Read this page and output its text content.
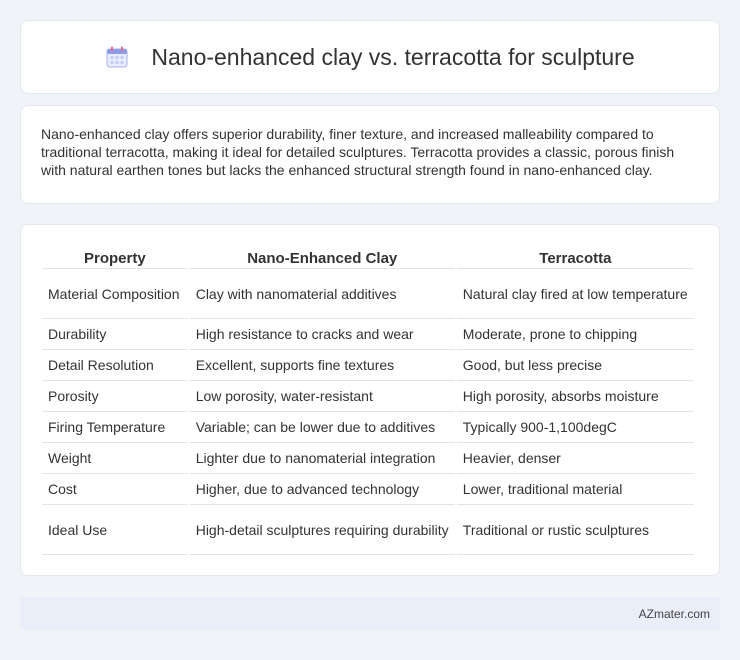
Nano-enhanced clay vs. terracotta for sculpture

Nano-enhanced clay offers superior durability, finer texture, and increased malleability compared to traditional terracotta, making it ideal for detailed sculptures. Terracotta provides a classic, porous finish with natural earthen tones but lacks the enhanced structural strength found in nano-enhanced clay.

Property	Nano-Enhanced Clay	Terracotta
Material Composition	Clay with nanomaterial additives	Natural clay fired at low temperature
Durability	High resistance to cracks and wear	Moderate, prone to chipping
Detail Resolution	Excellent, supports fine textures	Good, but less precise
Porosity	Low porosity, water-resistant	High porosity, absorbs moisture
Firing Temperature	Variable; can be lower due to additives	Typically 900-1,100degC
Weight	Lighter due to nanomaterial integration	Heavier, denser
Cost	Higher, due to advanced technology	Lower, traditional material
Ideal Use	High-detail sculptures requiring durability	Traditional or rustic sculptures
AZmater.com
